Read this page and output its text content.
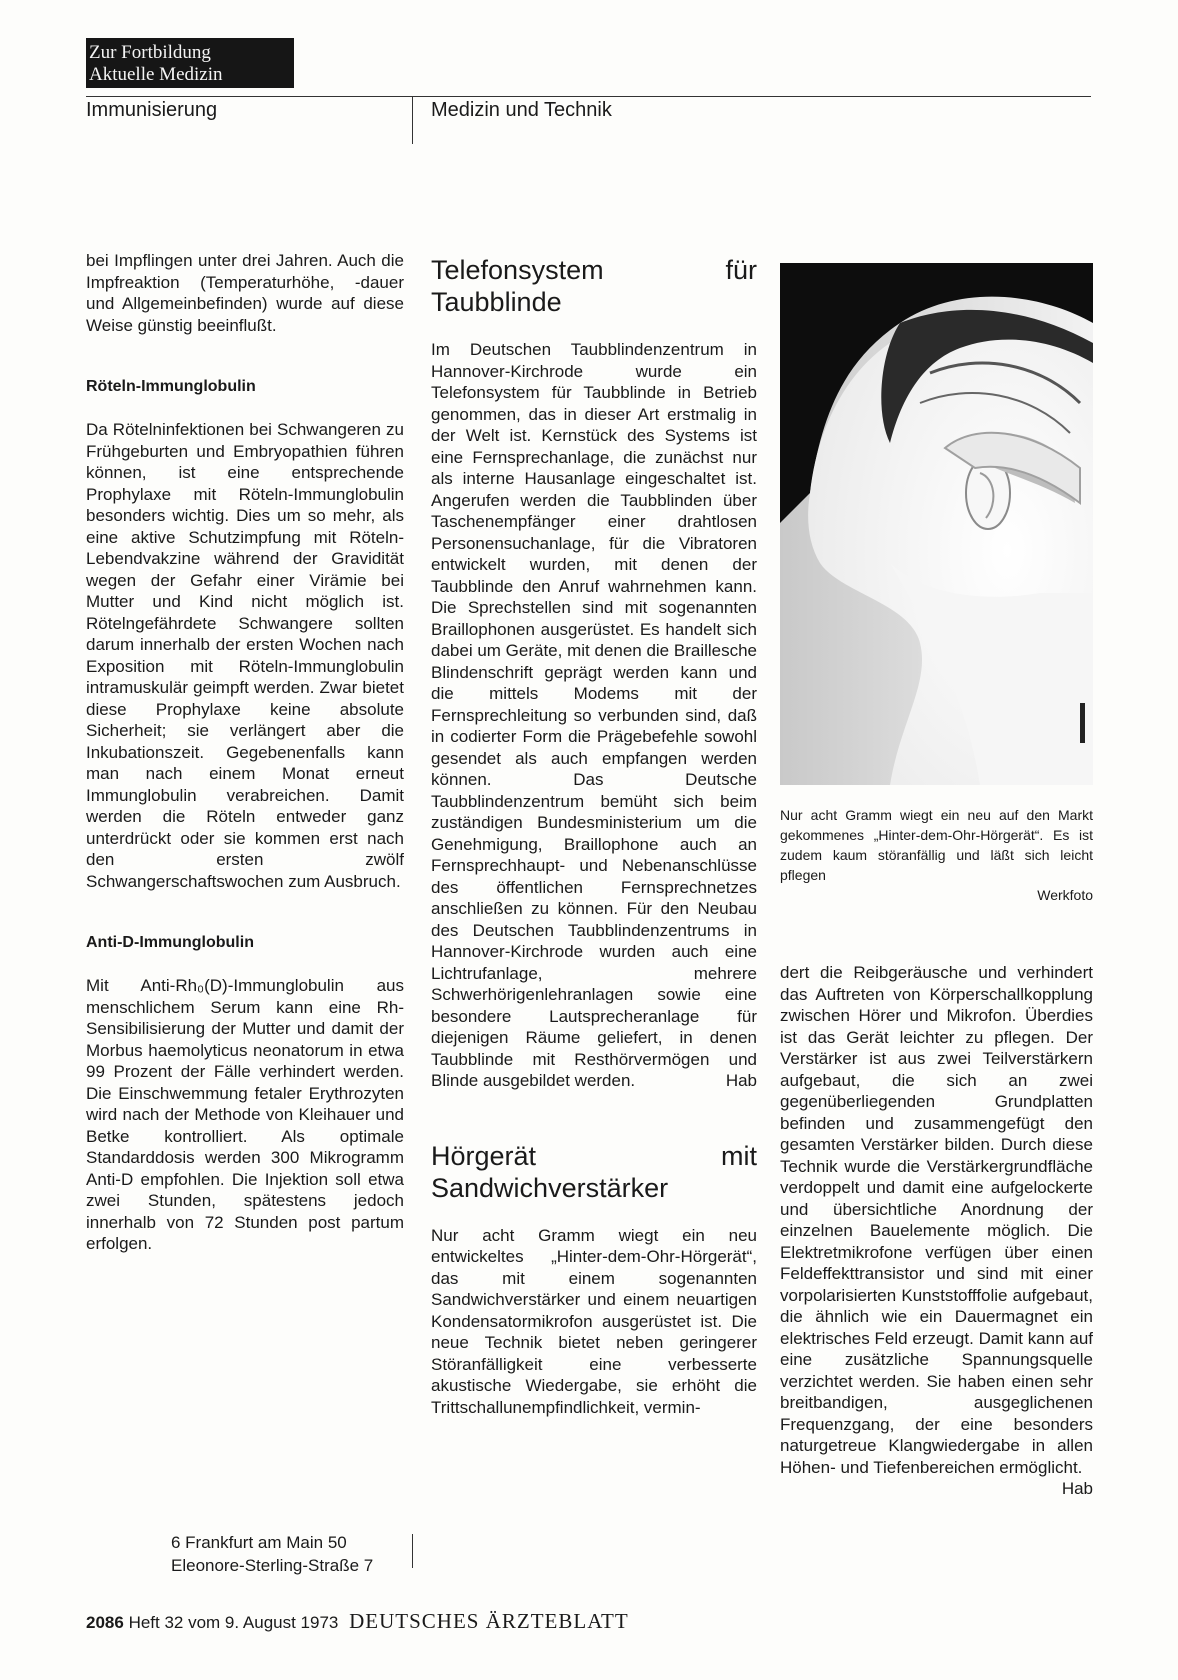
Zur Fortbildung
Aktuelle Medizin
Immunisierung	Medizin und Technik

bei Impflingen unter drei Jahren. Auch die Impfreaktion (Temperaturhöhe, -dauer und Allgemeinbefinden) wurde auf diese Weise günstig beeinflußt.

Röteln-Immunglobulin

Da Rötelninfektionen bei Schwangeren zu Frühgeburten und Embryopathien führen können, ist eine entsprechende Prophylaxe mit Röteln-Immunglobulin besonders wichtig. Dies um so mehr, als eine aktive Schutzimpfung mit Röteln-Lebendvakzine während der Gravidität wegen der Gefahr einer Virämie bei Mutter und Kind nicht möglich ist. Rötelngefährdete Schwangere sollten darum innerhalb der ersten Wochen nach Exposition mit Röteln-Immunglobulin intramuskulär geimpft werden. Zwar bietet diese Prophylaxe keine absolute Sicherheit; sie verlängert aber die Inkubationszeit. Gegebenenfalls kann man nach einem Monat erneut Immunglobulin verabreichen. Damit werden die Röteln entweder ganz unterdrückt oder sie kommen erst nach den ersten zwölf Schwangerschaftswochen zum Ausbruch.

Anti-D-Immunglobulin

Mit Anti-Rh₀(D)-Immunglobulin aus menschlichem Serum kann eine Rh-Sensibilisierung der Mutter und damit der Morbus haemolyticus neonatorum in etwa 99 Prozent der Fälle verhindert werden. Die Einschwemmung fetaler Erythrozyten wird nach der Methode von Kleihauer und Betke kontrolliert. Als optimale Standarddosis werden 300 Mikrogramm Anti-D empfohlen. Die Injektion soll etwa zwei Stunden, spätestens jedoch innerhalb von 72 Stunden post partum erfolgen.

6 Frankfurt am Main 50
Eleonore-Sterling-Straße 7
Telefonsystem für Taubblinde

Im Deutschen Taubblindenzentrum in Hannover-Kirchrode wurde ein Telefonsystem für Taubblinde in Betrieb genommen, das in dieser Art erstmalig in der Welt ist. Kernstück des Systems ist eine Fernsprechanlage, die zunächst nur als interne Hausanlage eingeschaltet ist. Angerufen werden die Taubblinden über Taschenempfänger einer drahtlosen Personensuchanlage, für die Vibratoren entwickelt wurden, mit denen der Taubblinde den Anruf wahrnehmen kann. Die Sprechstellen sind mit sogenannten Braillophonen ausgerüstet. Es handelt sich dabei um Geräte, mit denen die Braillesche Blindenschrift geprägt werden kann und die mittels Modems mit der Fernsprechleitung so verbunden sind, daß in codierter Form die Prägebefehle sowohl gesendet als auch empfangen werden können. Das Deutsche Taubblindenzentrum bemüht sich beim zuständigen Bundesministerium um die Genehmigung, Braillophone auch an Fernsprechhaupt- und Nebenanschlüsse des öffentlichen Fernsprechnetzes anschließen zu können. Für den Neubau des Deutschen Taubblindenzentrums in Hannover-Kirchrode wurden auch eine Lichtrufanlage, mehrere Schwerhörigenlehranlagen sowie eine besondere Lautsprecheranlage für diejenigen Räume geliefert, in denen Taubblinde mit Resthörvermögen und Blinde ausgebildet werden.	Hab

Hörgerät mit Sandwichverstärker

Nur acht Gramm wiegt ein neu entwickeltes „Hinter-dem-Ohr-Hörgerät“, das mit einem sogenannten Sandwichverstärker und einem neuartigen Kondensatormikrofon ausgerüstet ist. Die neue Technik bietet neben geringerer Störanfälligkeit eine verbesserte akustische Wiedergabe, sie erhöht die Trittschallunempfindlichkeit, vermin-

Nur acht Gramm wiegt ein neu auf den Markt gekommenes „Hinter-dem-Ohr-Hörgerät“. Es ist zudem kaum störanfällig und läßt sich leicht pflegen
Werkfoto

dert die Reibgeräusche und verhindert das Auftreten von Körperschallkopplung zwischen Hörer und Mikrofon. Überdies ist das Gerät leichter zu pflegen. Der Verstärker ist aus zwei Teilverstärkern aufgebaut, die sich an zwei gegenüberliegenden Grundplatten befinden und zusammengefügt den gesamten Verstärker bilden. Durch diese Technik wurde die Verstärkergrundfläche verdoppelt und damit eine aufgelockerte und übersichtliche Anordnung der einzelnen Bauelemente möglich. Die Elektretmikrofone verfügen über einen Feldeffekttransistor und sind mit einer vorpolarisierten Kunststofffolie aufgebaut, die ähnlich wie ein Dauermagnet ein elektrisches Feld erzeugt. Damit kann auf eine zusätzliche Spannungsquelle verzichtet werden. Sie haben einen sehr breitbandigen, ausgeglichenen Frequenzgang, der eine besonders naturgetreue Klangwiedergabe in allen Höhen- und Tiefenbereichen ermöglicht.
Hab

2086 Heft 32 vom 9. August 1973 DEUTSCHES ÄRZTEBLATT
